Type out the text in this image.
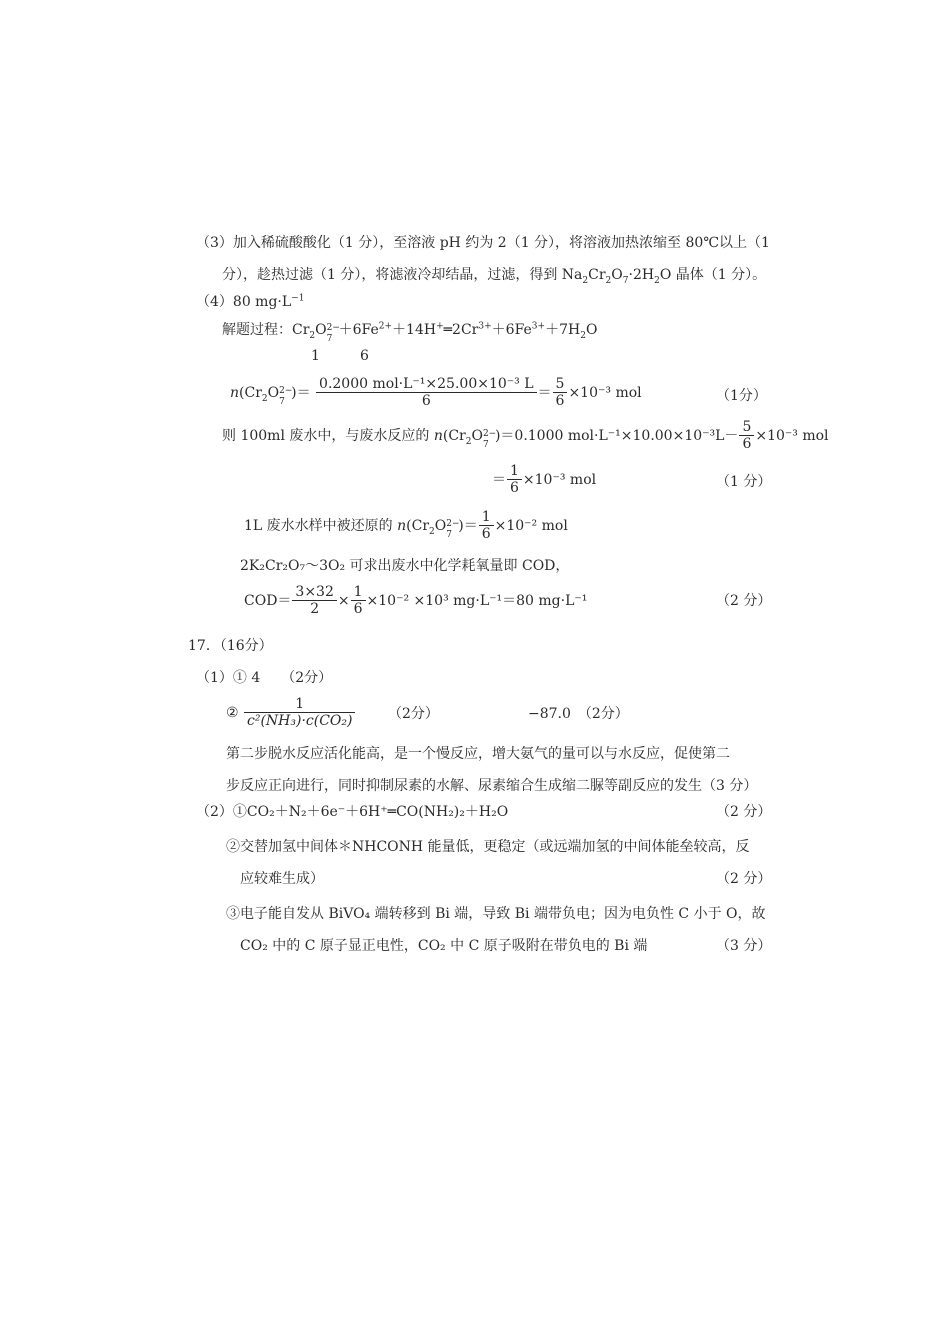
（3）加入稀硫酸酸化（1 分），至溶液 pH 约为 2（1 分），将溶液加热浓缩至 80℃以上（1
分），趁热过滤（1 分），将滤液冷却结晶，过滤，得到 $Na_2Cr_2O_7\cdot 2H_2O$ 晶体（1 分）。
（4）80 $mg\cdot L^{-1}$
解题过程：$Cr_2O$ 2−
7
$+6Fe^{2+}+14H^+═2Cr^{3+}+6Fe^{3+}+7H_2O$
1	6
$n(Cr_2O$ 2−
7
)＝ $\frac{\text{0.2000 mol·L⁻¹×25.00×10⁻³ L}}{6} = \frac{5}{6} \times 10^{-3}$ mol	（1分）
则 100ml 废水中，与废水反应的 $n(Cr_2O$ 2−
7
)＝0.1000 $mol\cdot L^{-1}\times 10.00\times 10^{-3}L- \frac{5}{6} \times 10^{-3}$ mol
＝ $\frac{1}{6} \times 10^{-3}$ mol	（1 分）
1L 废水水样中被还原的 $n(Cr_2O$ 2−
7
)＝ $\frac{1}{6} \times 10^{-2}$ mol
2K₂Cr₂O₇～3O₂ 可求出废水中化学耗氧量即 COD，
$COD= \frac{3\times 32}{2} \times \frac{1}{6} \times 10^{-2} \times 10^3$ mg·L⁻¹＝80 mg·L⁻¹	（2 分）
17．（16分）
（1）① 4　　（2分）
② $\frac{1}{\text{c²(NH₃)·c(CO₂)}} (2$分）	−87.0　（2分）
第二步脱水反应活化能高，是一个慢反应，增大氨气的量可以与水反应，促使第二
步反应正向进行，同时抑制尿素的水解、尿素缩合生成缩二脲等副反应的发生（3 分）
（2）①CO₂＋N₂＋6e⁻＋6H⁺═CO(NH₂)₂＋H₂O	（2 分）
②交替加氢中间体＊NHCONH 能量低，更稳定（或远端加氢的中间体能垒较高，反
应较难生成）	（2 分）
③电子能自发从 BiVO₄ 端转移到 Bi 端，导致 Bi 端带负电；因为电负性 C 小于 O，故
CO₂ 中的 C 原子显正电性，CO₂ 中 C 原子吸附在带负电的 Bi 端	（3 分）
